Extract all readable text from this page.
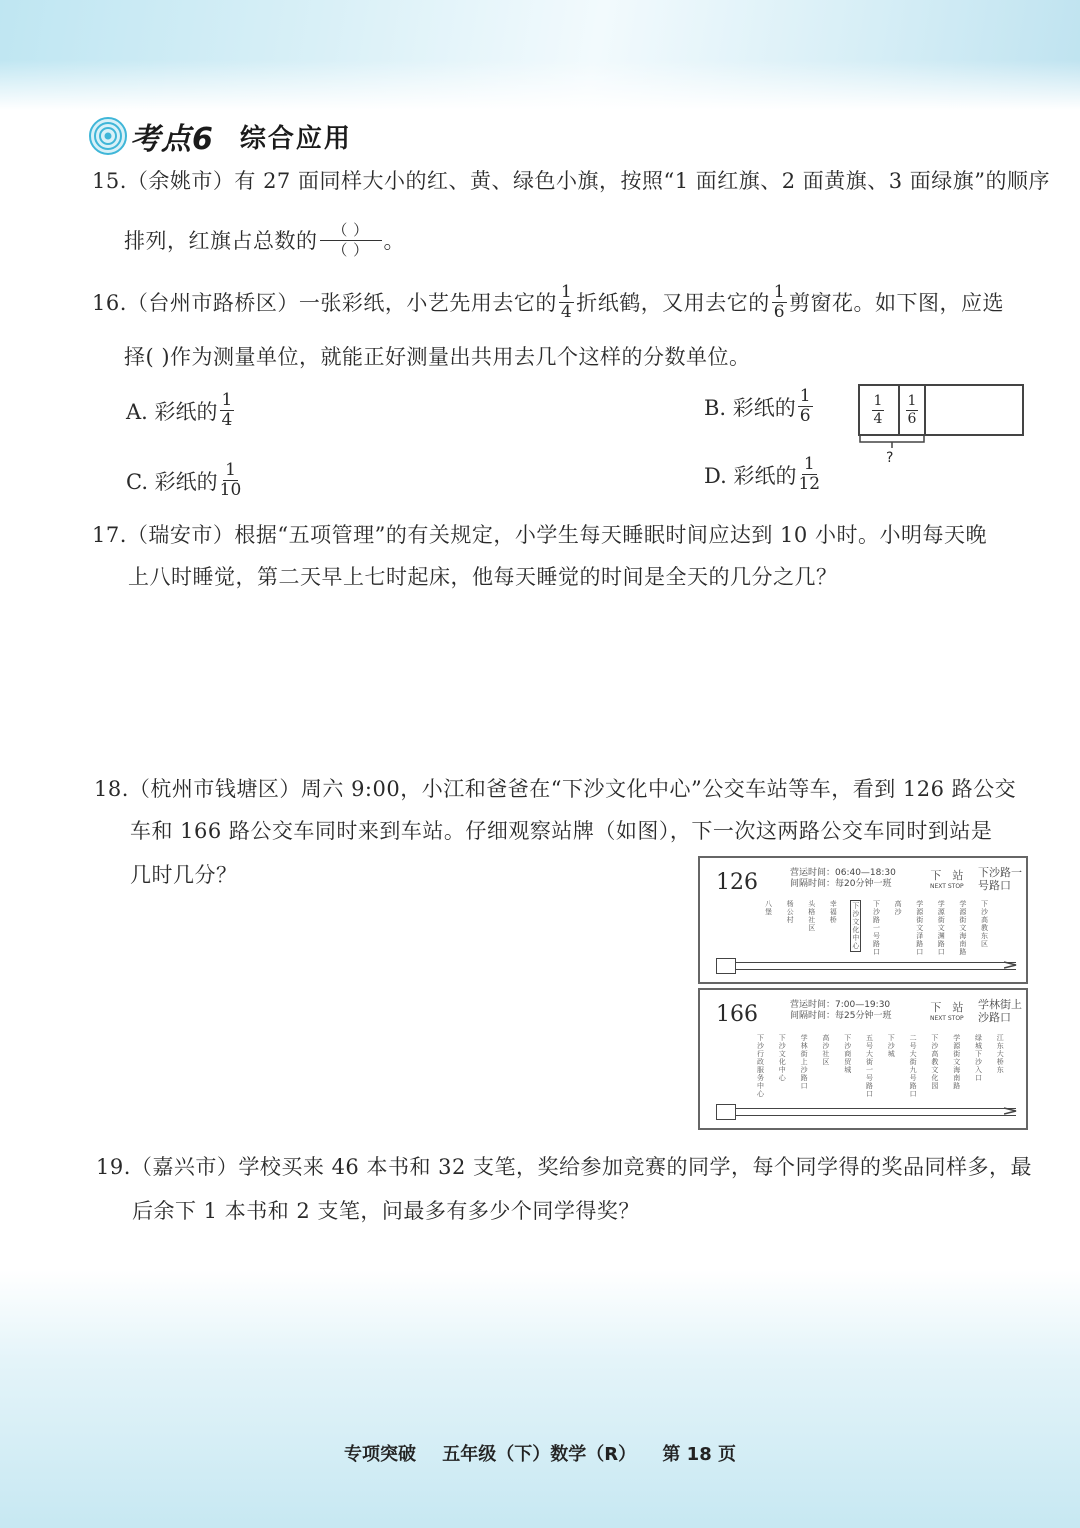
考点6 综合应用
15.（余姚市）有 27 面同样大小的红、黄、绿色小旗，按照“1 面红旗、2 面黄旗、3 面绿旗”的顺序
排列，红旗占总数的 $\frac{( )}{( )}$ 。
16.（台州市路桥区）一张彩纸，小艺先用去它的 $\frac{1}{4}$ 折纸鹤，又用去它的 $\frac{1}{6}$ 剪窗花。如下图，应选
择( )作为测量单位，就能正好测量出共用去几个这样的分数单位。
A. 彩纸的 $\frac{1}{4}$	B. 彩纸的 $\frac{1}{6}$
C. 彩纸的 $\frac{1}{10}$	D. 彩纸的 $\frac{1}{12}$
$\frac{1}{4} \frac{1}{6}$
?
17.（瑞安市）根据“五项管理”的有关规定，小学生每天睡眠时间应达到 10 小时。小明每天晚
上八时睡觉，第二天早上七时起床，他每天睡觉的时间是全天的几分之几？
18.（杭州市钱塘区）周六 9:00，小江和爸爸在“下沙文化中心”公交车站等车，看到 126 路公交
车和 166 路公交车同时来到车站。仔细观察站牌（如图），下一次这两路公交车同时到站是
几时几分？	126	营运时间：06:40—18:30
间隔时间：每20分钟一班
下　站
NEXT STOP
下沙路一号路口
八堡
杨公村
头格社区
幸福桥
下沙文化中心
下沙路一号路口
高沙
学源街文泽路口
学源街文渊路口
学源街文海南路
下沙高教东区
166	营运时间：7:00—19:30
间隔时间：每25分钟一班
下　站
NEXT STOP
学林街上沙路口
下沙行政服务中心
下沙文化中心
学林街上沙路口
高沙社区
下沙商贸城
五号大街一号路口
下沙城
二号大街九号路口
下沙高教文化园
学源街文海南路
绿城下沙入口
江东大桥东
19.（嘉兴市）学校买来 46 本书和 32 支笔，奖给参加竞赛的同学，每个同学得的奖品同样多，最
后余下 1 本书和 2 支笔，问最多有多少个同学得奖？
专项突破 五年级（下）数学（R） 第 18 页
